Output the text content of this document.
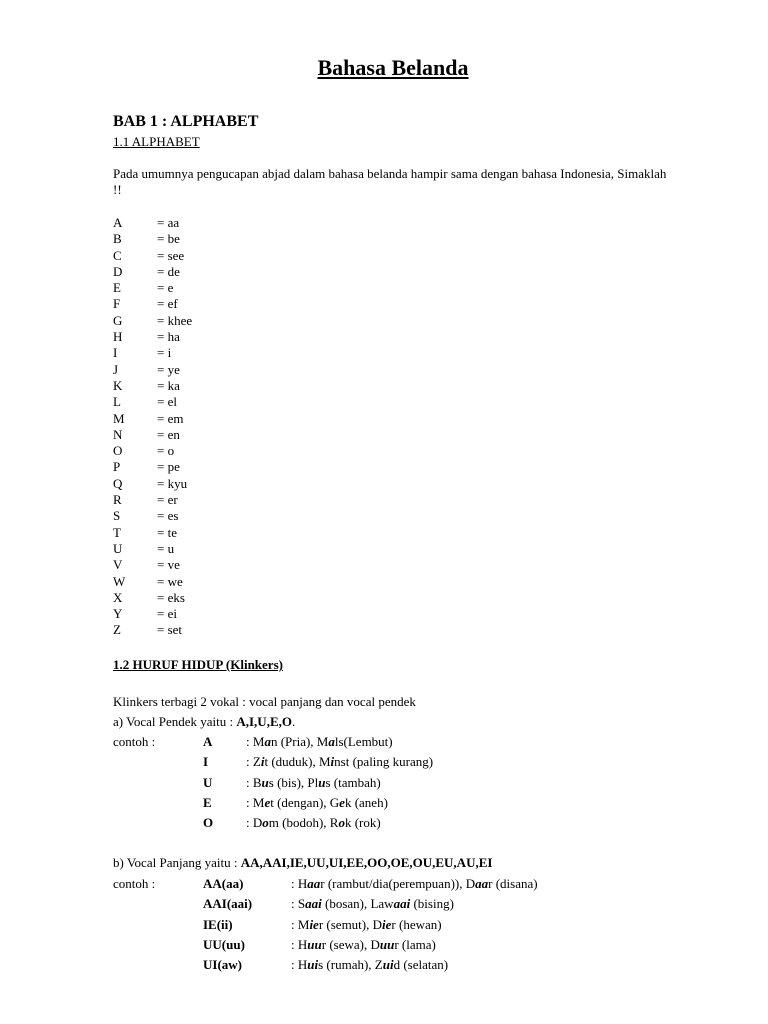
Bahasa Belanda
BAB 1 : ALPHABET
1.1 ALPHABET
Pada umumnya pengucapan abjad dalam bahasa belanda hampir sama dengan bahasa Indonesia, Simaklah !!
A	= aa
B	= be
C	= see
D	= de
E	= e
F	= ef
G	= khee
H	= ha
I	= i
J	= ye
K	= ka
L	= el
M	= em
N	= en
O	= o
P	= pe
Q	= kyu
R	= er
S	= es
T	= te
U	= u
V	= ve
W	= we
X	= eks
Y	= ei
Z	= set
1.2 HURUF HIDUP (Klinkers)
Klinkers terbagi 2 vokal : vocal panjang dan vocal pendek
a) Vocal Pendek yaitu : A,I,U,E,O.
contoh :	A	: Man (Pria), Mals(Lembut)
I	: Zit (duduk), Minst (paling kurang)
U	: Bus (bis), Plus (tambah)
E	: Met (dengan), Gek (aneh)
O	: Dom (bodoh), Rok (rok)
b) Vocal Panjang yaitu : AA,AAI,IE,UU,UI,EE,OO,OE,OU,EU,AU,EI
contoh :	AA(aa)	: Haar (rambut/dia(perempuan)), Daar (disana)
AAI(aai)	: Saai (bosan), Lawaai (bising)
IE(ii)	: Mier (semut), Dier (hewan)
UU(uu)	: Huur (sewa), Duur (lama)
UI(aw)	: Huis (rumah), Zuid (selatan)
